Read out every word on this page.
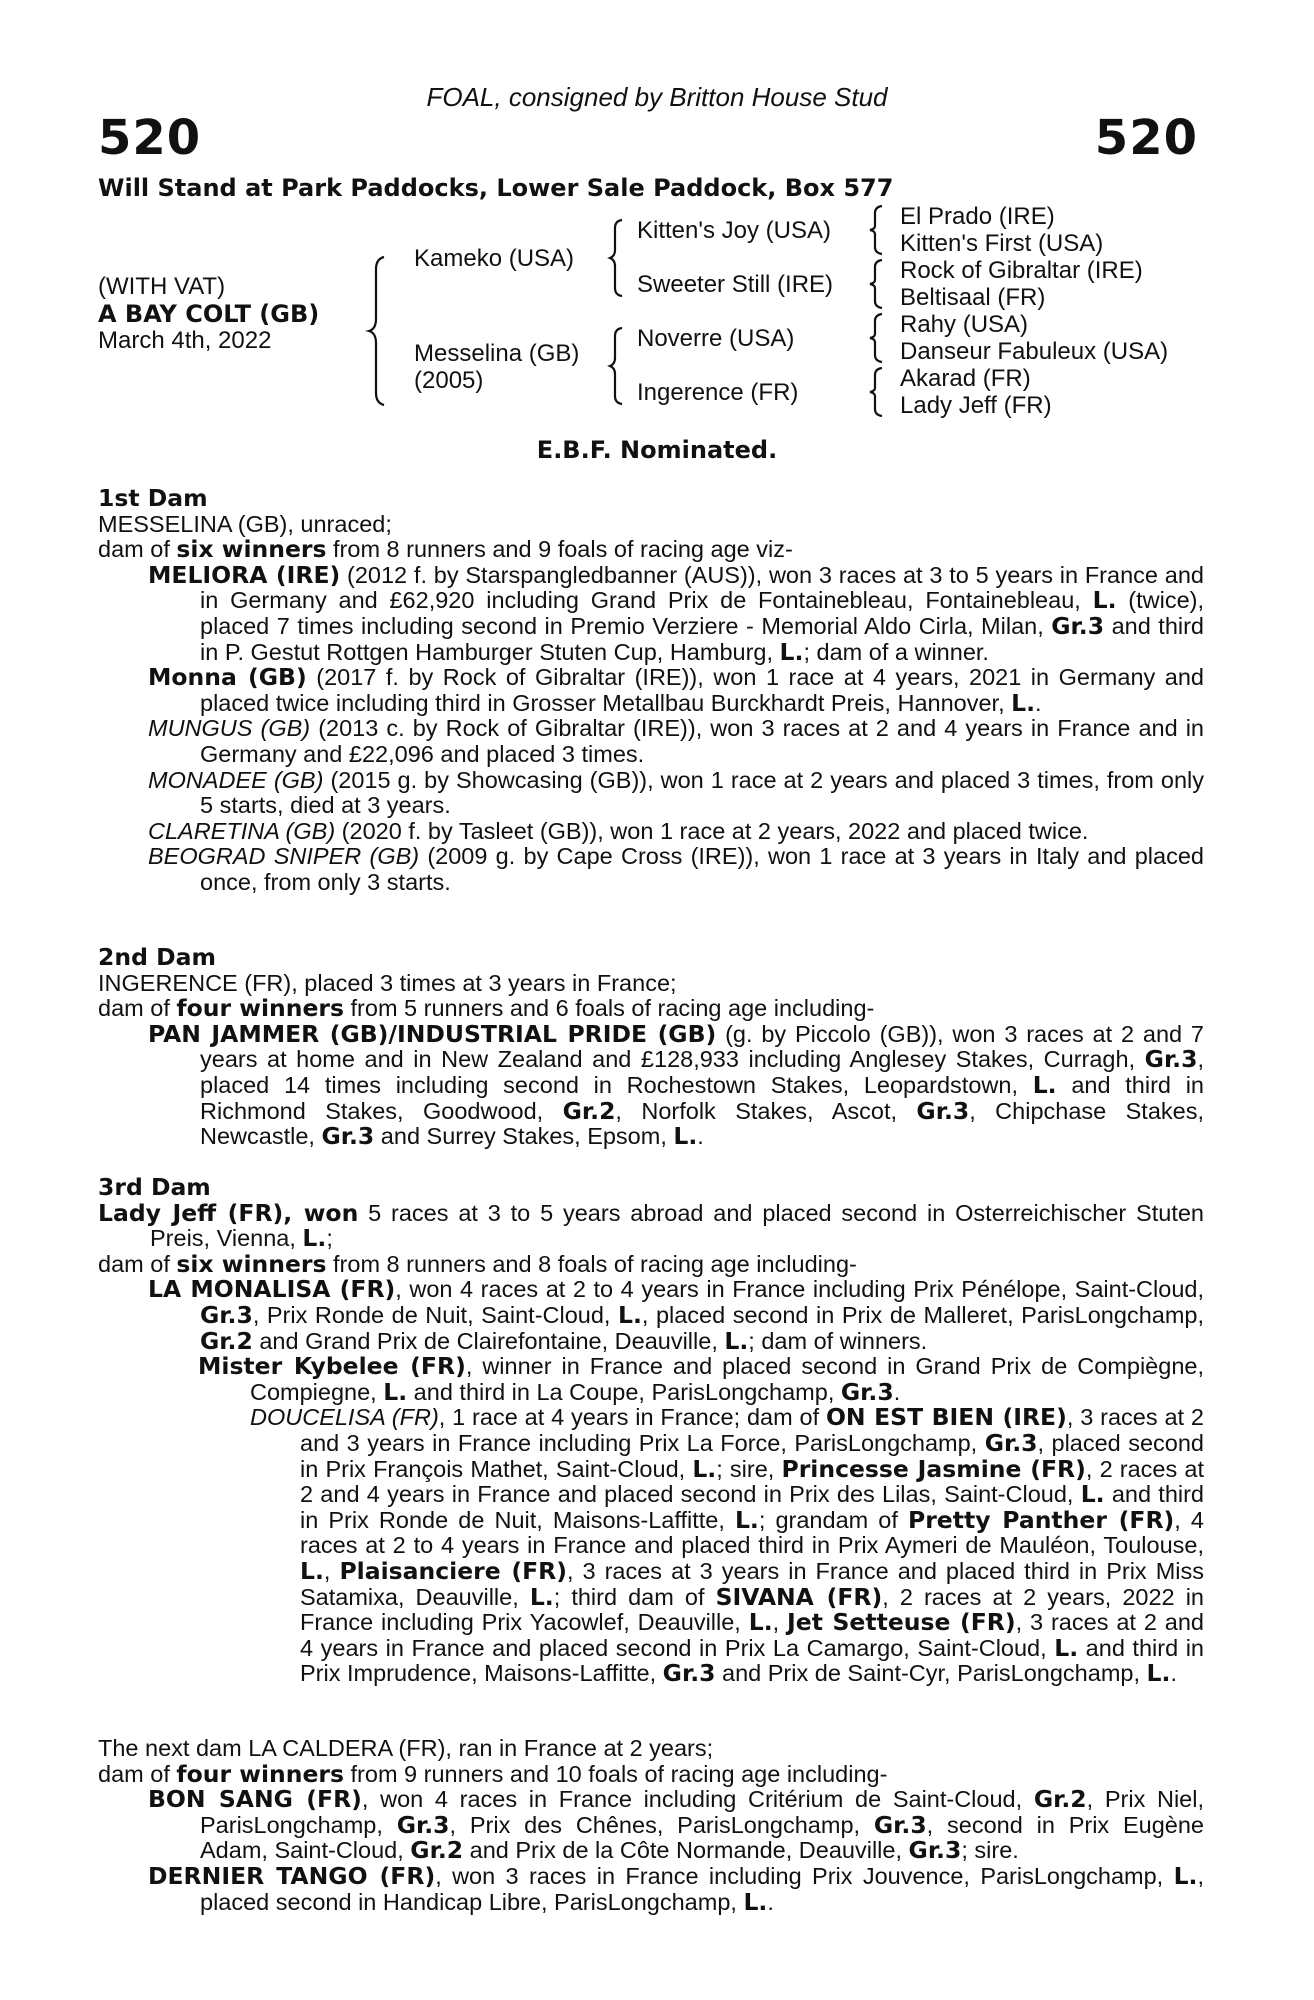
FOAL, consigned by Britton House Stud
520	520
Will Stand at Park Paddocks, Lower Sale Paddock, Box 577
(WITH VAT)
A BAY COLT (GB)
March 4th, 2022
Kameko (USA)
Messelina (GB)
(2005)
Kitten's Joy (USA)
Sweeter Still (IRE)
Noverre (USA)
Ingerence (FR)
El Prado (IRE)
Kitten's First (USA)
Rock of Gibraltar (IRE)
Beltisaal (FR)
Rahy (USA)
Danseur Fabuleux (USA)
Akarad (FR)
Lady Jeff (FR)
E.B.F. Nominated.

1st Dam

MESSELINA (GB), unraced;

dam of six winners from 8 runners and 9 foals of racing age viz-

MELIORA (IRE) (2012 f. by Starspangledbanner (AUS)), won 3 races at 3 to 5 years in France and in Germany and £62,920 including Grand Prix de Fontainebleau, Fontainebleau, L. (twice), placed 7 times including second in Premio Verziere - Memorial Aldo Cirla, Milan, Gr.3 and third in P. Gestut Rottgen Hamburger Stuten Cup, Hamburg, L.; dam of a winner.

Monna (GB) (2017 f. by Rock of Gibraltar (IRE)), won 1 race at 4 years, 2021 in Germany and placed twice including third in Grosser Metallbau Burckhardt Preis, Hannover, L..

MUNGUS (GB) (2013 c. by Rock of Gibraltar (IRE)), won 3 races at 2 and 4 years in France and in Germany and £22,096 and placed 3 times.

MONADEE (GB) (2015 g. by Showcasing (GB)), won 1 race at 2 years and placed 3 times, from only 5 starts, died at 3 years.

CLARETINA (GB) (2020 f. by Tasleet (GB)), won 1 race at 2 years, 2022 and placed twice.

BEOGRAD SNIPER (GB) (2009 g. by Cape Cross (IRE)), won 1 race at 3 years in Italy and placed once, from only 3 starts.

2nd Dam

INGERENCE (FR), placed 3 times at 3 years in France;

dam of four winners from 5 runners and 6 foals of racing age including-

PAN JAMMER (GB)/INDUSTRIAL PRIDE (GB) (g. by Piccolo (GB)), won 3 races at 2 and 7 years at home and in New Zealand and £128,933 including Anglesey Stakes, Curragh, Gr.3, placed 14 times including second in Rochestown Stakes, Leopardstown, L. and third in Richmond Stakes, Goodwood, Gr.2, Norfolk Stakes, Ascot, Gr.3, Chipchase Stakes, Newcastle, Gr.3 and Surrey Stakes, Epsom, L..

3rd Dam

Lady Jeff (FR), won 5 races at 3 to 5 years abroad and placed second in Osterreichischer Stuten Preis, Vienna, L.;

dam of six winners from 8 runners and 8 foals of racing age including-

LA MONALISA (FR), won 4 races at 2 to 4 years in France including Prix Pénélope, Saint-Cloud, Gr.3, Prix Ronde de Nuit, Saint-Cloud, L., placed second in Prix de Malleret, ParisLongchamp, Gr.2 and Grand Prix de Clairefontaine, Deauville, L.; dam of winners.

Mister Kybelee (FR), winner in France and placed second in Grand Prix de Compiègne, Compiegne, L. and third in La Coupe, ParisLongchamp, Gr.3.

DOUCELISA (FR), 1 race at 4 years in France; dam of ON EST BIEN (IRE), 3 races at 2 and 3 years in France including Prix La Force, ParisLongchamp, Gr.3, placed second in Prix François Mathet, Saint-Cloud, L.; sire, Princesse Jasmine (FR), 2 races at 2 and 4 years in France and placed second in Prix des Lilas, Saint-Cloud, L. and third in Prix Ronde de Nuit, Maisons-Laffitte, L.; grandam of Pretty Panther (FR), 4 races at 2 to 4 years in France and placed third in Prix Aymeri de Mauléon, Toulouse, L., Plaisanciere (FR), 3 races at 3 years in France and placed third in Prix Miss Satamixa, Deauville, L.; third dam of SIVANA (FR), 2 races at 2 years, 2022 in France including Prix Yacowlef, Deauville, L., Jet Setteuse (FR), 3 races at 2 and 4 years in France and placed second in Prix La Camargo, Saint-Cloud, L. and third in Prix Imprudence, Maisons-Laffitte, Gr.3 and Prix de Saint-Cyr, ParisLongchamp, L..

The next dam LA CALDERA (FR), ran in France at 2 years;

dam of four winners from 9 runners and 10 foals of racing age including-

BON SANG (FR), won 4 races in France including Critérium de Saint-Cloud, Gr.2, Prix Niel, ParisLongchamp, Gr.3, Prix des Chênes, ParisLongchamp, Gr.3, second in Prix Eugène Adam, Saint-Cloud, Gr.2 and Prix de la Côte Normande, Deauville, Gr.3; sire.

DERNIER TANGO (FR), won 3 races in France including Prix Jouvence, ParisLongchamp, L., placed second in Handicap Libre, ParisLongchamp, L..
